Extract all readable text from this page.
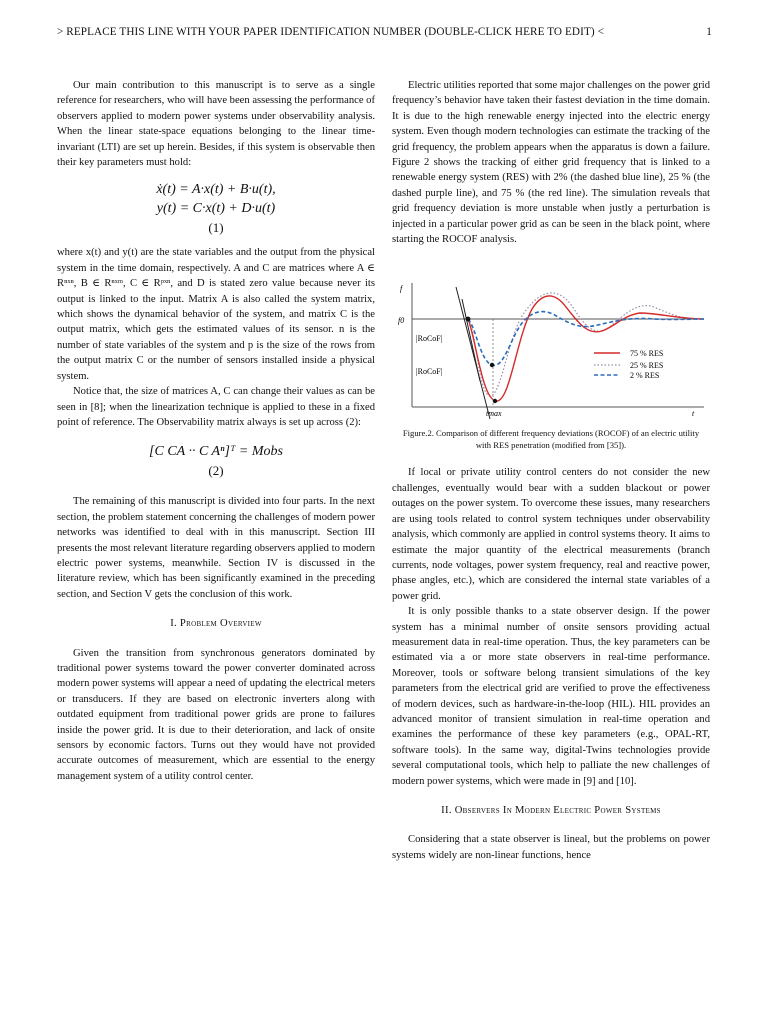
> REPLACE THIS LINE WITH YOUR PAPER IDENTIFICATION NUMBER (DOUBLE-CLICK HERE TO EDIT) <	1

Our main contribution to this manuscript is to serve as a single reference for researchers, who will have been assessing the performance of observers applied to modern power systems under observability analysis. When the linear state-space equations belonging to the linear time-invariant (LTI) are set up herein. Besides, if this system is observable then their key parameters must hold:

ẋ(t) = A·x(t) + B·u(t),
y(t) = C·x(t) + D·u(t)
(1)

where x(t) and y(t) are the state variables and the output from the physical system in the time domain, respectively. A and C are matrices where A ∈ Rⁿˣⁿ, B ∈ Rⁿˣᵐ, C ∈ Rᵖˣⁿ, and D is stated zero value because never its output is linked to the input. Matrix A is also called the system matrix, which shows the dynamical behavior of the system, and matrix C is the output matrix, which gets the estimated values of its sensor. n is the number of state variables of the system and p is the size of the rows from the output matrix C or the number of sensors installed inside a physical system.

Notice that, the size of matrices A, C can change their values as can be seen in [8]; when the linearization technique is applied to these in a fixed point of reference. The Observability matrix always is set up across (2):

[C CA ·· C Aⁿ]ᵀ = Mobs
(2)

The remaining of this manuscript is divided into four parts. In the next section, the problem statement concerning the challenges of modern power networks was identified to deal with in this manuscript. Section III presents the most relevant literature regarding observers applied to modern electric power systems, meanwhile. Section IV is discussed in the literature review, which has been significantly examined in the preceding section, and Section V gets the conclusion of this work.

I. Problem Overview

Given the transition from synchronous generators dominated by traditional power systems toward the power converter dominated across modern power systems will appear a need of updating the electrical meters or transducers. If they are based on electronic inverters along with outdated equipment from traditional power grids are prone to failures inside the power grid. It is due to their deterioration, and lack of onsite sensors by economic factors. Turns out they would have not provided accurate outcomes of measurement, which are essential to the energy management system of a utility control center.

Electric utilities reported that some major challenges on the power grid frequency’s behavior have taken their fastest deviation in the time domain. It is due to the high renewable energy injected into the electric energy system. Even though modern technologies can estimate the tracking of the grid frequency, the problem appears when the apparatus is down a failure. Figure 2 shows the tracking of either grid frequency that is linked to a renewable energy system (RES) with 2% (the dashed blue line), 25 % (the dashed purple line), and 75 % (the red line). The simulation reveals that grid frequency deviation is more unstable when justly a perturbation is injected in a particular power grid as can be seen in the black point, where starting the ROCOF analysis.

f
f0
t
tmax
|RoCoF|
|RoCoF|
75 % RES
25 % RES
2 % RES
Figure.2. Comparison of different frequency deviations (ROCOF) of an electric utility with RES penetration (modified from [35]).

If local or private utility control centers do not consider the new challenges, eventually would bear with a sudden blackout or power outages on the power system. To overcome these issues, many researchers are using tools related to control system techniques under observability analysis, which commonly are applied in control systems theory. It aims to estimate the major quantity of the electrical measurements (branch currents, node voltages, power system frequency, real and reactive power, phase angles, etc.), which are considered the internal state variables of a power grid.

It is only possible thanks to a state observer design. If the power system has a minimal number of onsite sensors providing actual measurement data in real-time operation. Thus, the key parameters can be estimated via a or more state observers in real-time performance. Moreover, tools or software belong transient simulations of the key parameters from the electrical grid are verified to prove the effectiveness of modern devices, such as hardware-in-the-loop (HIL). HIL provides an advanced monitor of transient simulation in real-time operation and examines the performance of these key parameters (e.g., OPAL-RT, software tools). In the same way, digital-Twins technologies provide several computational tools, which help to palliate the new challenges of modern power systems, which were made in [9] and [10].

II. Observers In Modern Electric Power Systems

Considering that a state observer is lineal, but the problems on power systems widely are non-linear functions, hence
